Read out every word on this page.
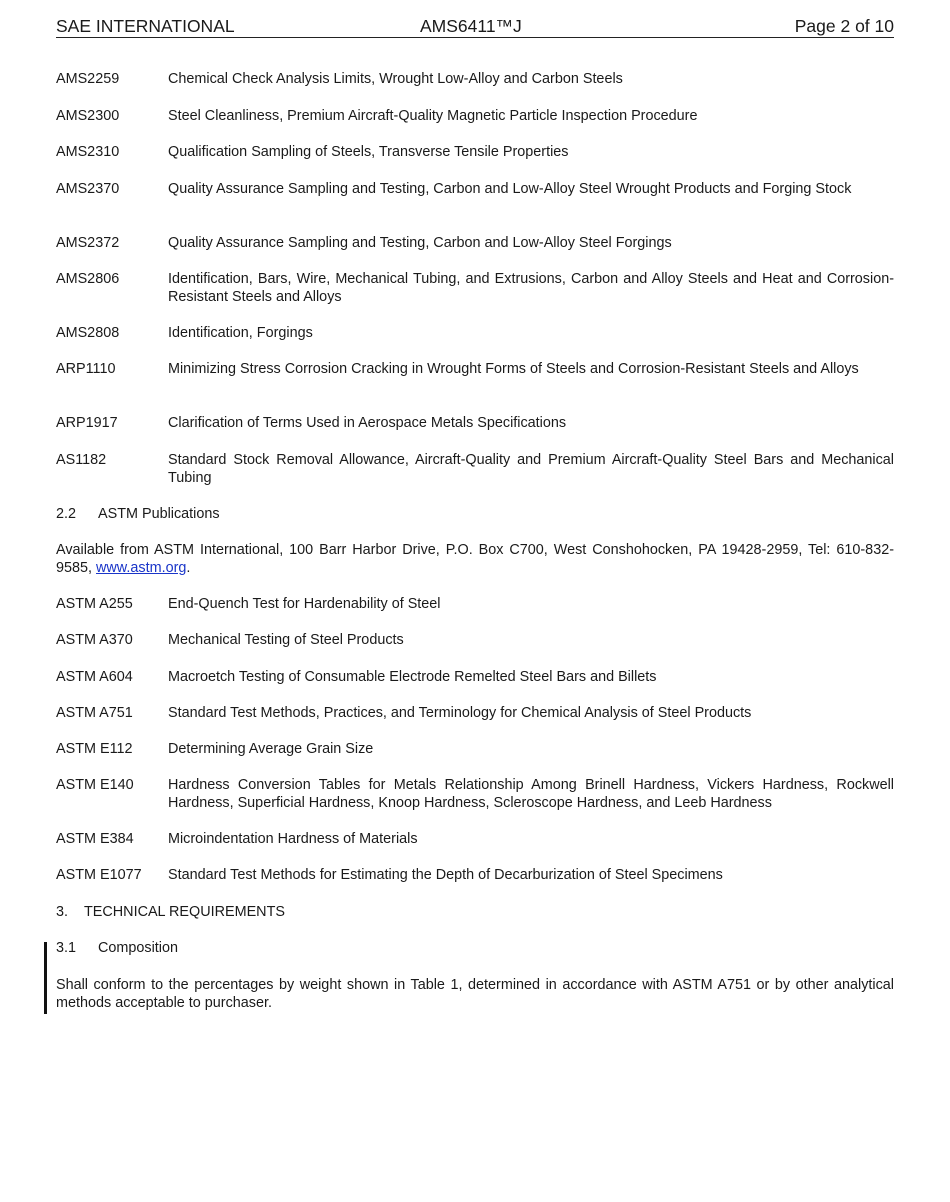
SAE INTERNATIONAL	AMS6411™J	Page 2 of 10
AMS2259	Chemical Check Analysis Limits, Wrought Low-Alloy and Carbon Steels
AMS2300	Steel Cleanliness, Premium Aircraft-Quality Magnetic Particle Inspection Procedure
AMS2310	Qualification Sampling of Steels, Transverse Tensile Properties
AMS2370	Quality Assurance Sampling and Testing, Carbon and Low-Alloy Steel Wrought Products and Forging Stock
AMS2372	Quality Assurance Sampling and Testing, Carbon and Low-Alloy Steel Forgings
AMS2806	Identification, Bars, Wire, Mechanical Tubing, and Extrusions, Carbon and Alloy Steels and Heat and Corrosion-Resistant Steels and Alloys
AMS2808	Identification, Forgings
ARP1110	Minimizing Stress Corrosion Cracking in Wrought Forms of Steels and Corrosion-Resistant Steels and Alloys
ARP1917	Clarification of Terms Used in Aerospace Metals Specifications
AS1182	Standard Stock Removal Allowance, Aircraft-Quality and Premium Aircraft-Quality Steel Bars and Mechanical Tubing
2.2 ASTM Publications
Available from ASTM International, 100 Barr Harbor Drive, P.O. Box C700, West Conshohocken, PA 19428-2959, Tel: 610-832-9585, www.astm.org.
ASTM A255	End-Quench Test for Hardenability of Steel
ASTM A370	Mechanical Testing of Steel Products
ASTM A604	Macroetch Testing of Consumable Electrode Remelted Steel Bars and Billets
ASTM A751	Standard Test Methods, Practices, and Terminology for Chemical Analysis of Steel Products
ASTM E112	Determining Average Grain Size
ASTM E140	Hardness Conversion Tables for Metals Relationship Among Brinell Hardness, Vickers Hardness, Rockwell Hardness, Superficial Hardness, Knoop Hardness, Scleroscope Hardness, and Leeb Hardness
ASTM E384	Microindentation Hardness of Materials
ASTM E1077	Standard Test Methods for Estimating the Depth of Decarburization of Steel Specimens
3. TECHNICAL REQUIREMENTS
3.1 Composition
Shall conform to the percentages by weight shown in Table 1, determined in accordance with ASTM A751 or by other analytical methods acceptable to purchaser.
